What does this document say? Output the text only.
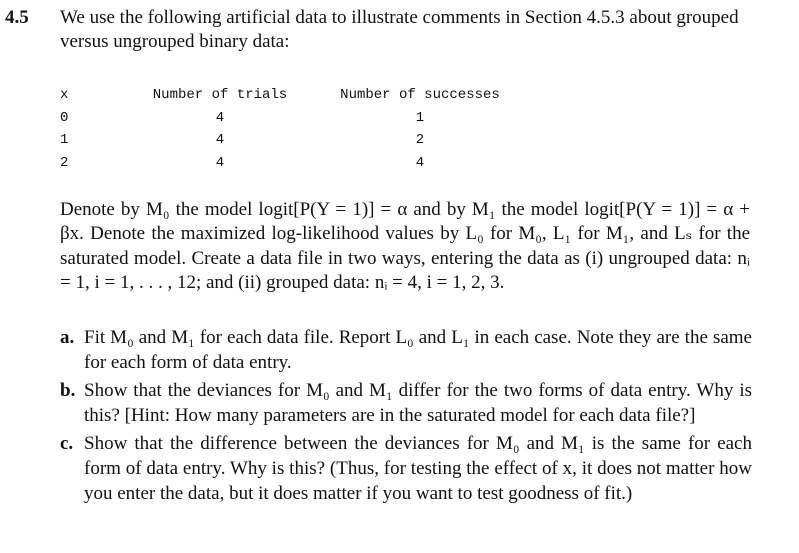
4.5 We use the following artificial data to illustrate comments in Section 4.5.3 about grouped versus ungrouped binary data:
x	Number of trials	Number of successes
0	4	1
1	4	2
2	4	4
Denote by M₀ the model logit[P(Y = 1)] = α and by M₁ the model logit[P(Y = 1)] = α + βx. Denote the maximized log-likelihood values by L₀ for M₀, L₁ for M₁, and Lₛ for the saturated model. Create a data file in two ways, entering the data as (i) ungrouped data: nᵢ = 1, i = 1, . . . , 12; and (ii) grouped data: nᵢ = 4, i = 1, 2, 3.
a. Fit M₀ and M₁ for each data file. Report L₀ and L₁ in each case. Note they are the same for each form of data entry.
b. Show that the deviances for M₀ and M₁ differ for the two forms of data entry. Why is this? [Hint: How many parameters are in the saturated model for each data file?]
c. Show that the difference between the deviances for M₀ and M₁ is the same for each form of data entry. Why is this? (Thus, for testing the effect of x, it does not matter how you enter the data, but it does matter if you want to test goodness of fit.)
